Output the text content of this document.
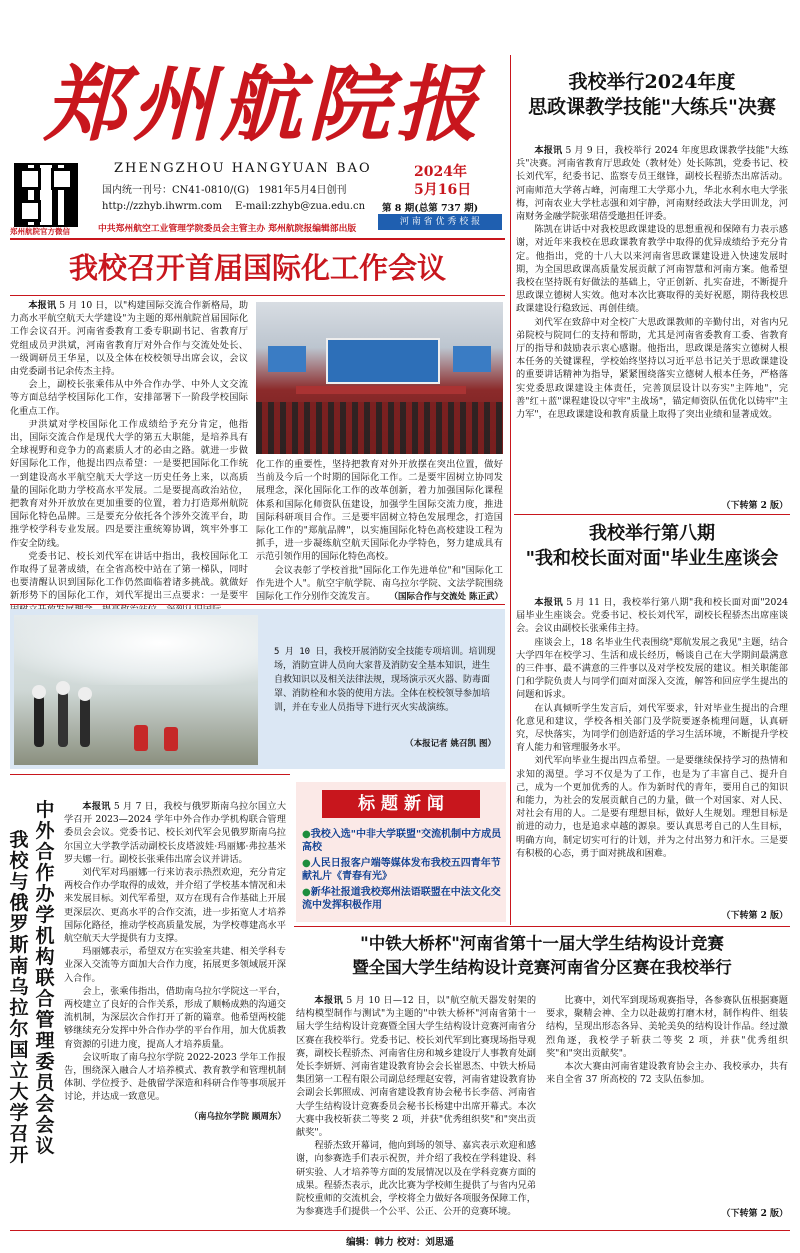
郑州航院报
郑州航院官方微信
ZHENGZHOU HANGYUAN BAO
国内统一刊号：CN41-0810/(G) 1981年5月4日创刊
http://zzhyb.ihwrm.com E-mail:zzhyb@zua.edu.cn
中共郑州航空工业管理学院委员会主管主办 郑州航院报编辑部出版
2024年
5月16日
第 8 期(总第 737 期)
河 南 省 优 秀 校 报
我校召开首届国际化工作会议

本报讯 5 月 10 日，以"构建国际交流合作新格局，助力高水平航空航天大学建设"为主题的郑州航院首届国际化工作会议召开。河南省委教育工委专职副书记、省教育厅党组成员尹洪斌，河南省教育厅对外合作与交流处处长、一级调研员王华星，以及全体在校校领导出席会议，会议由党委副书记余传杰主持。

会上，副校长张乘伟从中外合作办学、中外人文交流等方面总结学校国际化工作，安排部署下一阶段学校国际化重点工作。

尹洪斌对学校国际化工作成绩给予充分肯定，他指出，国际交流合作是现代大学的第五大职能，是培养具有全球视野和竞争力的高素质人才的必由之路。就进一步做好国际化工作，他提出四点希望：一是要把国际化工作统一到建设高水平航空航天大学这一历史任务上来，以高质量的国际化助力学校高水平发展。二是要提高政治站位，把教育对外开放放在更加重要的位置，着力打造郑州航院国际化特色品牌。三是要充分依托各个涉外交流平台，助推学校学科专业发展。四是要注重统筹协调，筑牢外事工作安全防线。

党委书记、校长刘代军在讲话中指出，我校国际化工作取得了显著成绩，在全省高校中站在了第一梯队，同时也要清醒认识到国际化工作仍然面临着诸多挑战。就做好新形势下的国际化工作，刘代军提出三点要求：一是要牢

化工作的重要性，坚持把教育对外开放摆在突出位置，做好当前及今后一个时期的国际化工作。二是要牢固树立协同发展理念，深化国际化工作的改革创新，着力加强国际化课程体系和国际化师资队伍建设，加强学生国际交流力度，推进国际科研项目合作。三是要牢固树立特色发展理念，打造国际化工作的"郑航品牌"，以实施国际化特色高校建设工程为抓手，进一步凝练航空航天国际化办学特色，努力建成具有示范引领作用的国际化特色高校。

会议表彰了学校首批"国际化工作先进单位"和"国际化工作先进个人"。航空宇航学院、南乌拉尔学院、文法学院围绕国际化工作分别作交流发言。	（国际合作与交流处 陈正武）
5 月 10 日，我校开展消防安全技能专项培训。培训现场，消防宣讲人员向大家普及消防安全基本知识，进生自救知识以及相关法律法规，现场演示灭火器、防毒面罩、消防栓和水袋的使用方法。全体在校校领导参加培训，并在专业人员指导下进行灭火实战演练。
（本报记者 姚召凯 图）
中外合作办学机构联合管理委员会会议
我校与俄罗斯南乌拉尔国立大学召开

本报讯 5 月 7 日，我校与俄罗斯南乌拉尔国立大学召开 2023—2024 学年中外合作办学机构联合管理委员会会议。党委书记、校长刘代军会见俄罗斯南乌拉尔国立大学教学活动副校长皮塔波娃·玛丽娜·弗拉基米罗夫娜一行。副校长张乘伟出席会议并讲话。

刘代军对玛丽娜一行来访表示热烈欢迎，充分肯定两校合作办学取得的成效，并介绍了学校基本情况和未来发展目标。刘代军希望，双方在现有合作基础上开展更深层次、更高水平的合作交流，进一步拓宽人才培养国际化路径，推动学校高质量发展，为学校尊建高水平航空航天大学提供有力支撑。

玛丽娜表示，希望双方在实验室共建、相关学科专业深入交流等方面加大合作力度，拓展更多领域展开深入合作。

会上，张乘伟指出，借助南乌拉尔学院这一平台，两校建立了良好的合作关系，形成了顺畅成熟的沟通交流机制，为深层次合作打开了新的篇章。他希望两校能够继续充分发挥中外合作办学的平台作用，加大优质教育资源的引进力度，提高人才培养质量。

会议听取了南乌拉尔学院 2022-2023 学年工作报告，围绕深入融合人才培养模式、教育教学和管理机制体制、学位授予、赴俄留学深造和科研合作等事项展开讨论，并达成一致意见。

（南乌拉尔学院 顾周东）

标 题 新 闻
●我校入选"中非大学联盟"交流机制中方成员高校
●人民日报客户端等媒体发布我校五四青年节献礼片《青春有光》
●新华社报道我校郑州法语联盟在中法文化交流中发挥积极作用
我校举行2024年度
思政课教学技能"大练兵"决赛

本报讯 5 月 9 日，我校举行 2024 年度思政课教学技能"大练兵"决赛。河南省教育厅思政处（教材处）处长陈凯，党委书记、校长刘代军，纪委书记、监察专员王继锋，副校长程骄杰出席活动。河南师范大学蒋占峰，河南理工大学郑小九，华北水利水电大学张梅，河南农业大学杜志强和刘宇静，河南财经政法大学田训龙，河南财务金融学院张珺蓓受邀担任评委。

陈凯在讲话中对我校思政课建设的思想重视和保障有力表示感谢，对近年来我校在思政课教育教学中取得的优异成绩给予充分肯定。他指出，党的十八大以来河南省思政课建设进入快速发展时期，为全国思政课高质量发展贡献了河南智慧和河南方案。他希望我校在坚持既有好做法的基础上，守正创新、扎实奋进，不断提升思政课立德树人实效。他对本次比赛取得的美好祝愿，期待我校思政课建设行稳致远、再创佳绩。

刘代军在致辞中对全校广大思政课教师的辛勤付出，对省内兄弟院校与院同仁的支持和帮助，尤其是河南省委教育工委、省教育厅的指导和鼓励表示衷心感谢。他指出，思政课是落实立德树人根本任务的关键课程，学校始终坚持以习近平总书记关于思政课建设的重要讲话精神为指导，紧紧围绕落实立德树人根本任务，严格落实党委思政课建设主体责任，完善顶层设计以夯实"主阵地"，完善"红＋蓝"课程建设以守牢"主战场"，锚定师资队伍优化以铸牢"主力军"，在思政课建设和教育质量上取得了突出业绩和显著成效。

（下转第 2 版）
我校举行第八期
"我和校长面对面"毕业生座谈会

本报讯 5 月 11 日，我校举行第八期"我和校长面对面"2024 届毕业生座谈会。党委书记、校长刘代军，副校长程骄杰出席座谈会。会议由副校长张乘伟主持。

座谈会上，18 名毕业生代表围绕"郑航发展之我见"主题，结合大学四年在校学习、生活和成长经历，畅谈自己在大学期间最满意的三件事、最不满意的三件事以及对学校发展的建议。相关职能部门和学院负责人与同学们面对面深入交流，解答和回应学生提出的问题和诉求。

在认真倾听学生发言后，刘代军要求，针对毕业生提出的合理化意见和建议，学校各相关部门及学院要逐条梳理问题，认真研究，尽快落实，为同学们创造舒适的学习生活环境，不断提升学校育人能力和管理服务水平。

刘代军向毕业生提出四点希望。一是要继续保持学习的热情和求知的渴望。学习不仅是为了工作，也是为了丰富自己、提升自己，成为一个更加优秀的人。作为新时代的青年，要用自己的知识和能力，为社会的发展贡献自己的力量，做一个对国家、对人民、对社会有用的人。二是要有理想目标，做好人生规划。理想目标是前进的动力，也是追求卓越的源泉。要认真思考自己的人生目标，明确方向，制定切实可行的计划，并为之付出努力和汗水。三是要有积极的心态，勇于面对挑战和困难。

（下转第 2 版）
"中铁大桥杯"河南省第十一届大学生结构设计竞赛
暨全国大学生结构设计竞赛河南省分区赛在我校举行

本报讯 5 月 10 日—12 日，以"航空航天器发射架的结构模型制作与测试"为主题的"中铁大桥杯"河南省第十一届大学生结构设计竞赛暨全国大学生结构设计竞赛河南省分区赛在我校举行。党委书记、校长刘代军到比赛现场指导观赛，副校长程骄杰、河南省住房和城乡建设厅人事教育处副处长李妍妍、河南省建设教育协会会长崔恩杰、中铁大桥局集团第一工程有限公司副总经理赵安蓉，河南省建设教育协会副会长郭照成、河南省建设教育协会秘书长李蓓、河南省大学生结构设计竞赛委员会秘书长杨建中出席开幕式。本次大赛中我校斩获二等奖 2 项，并获"优秀组织奖"和"突出贡献奖"。

程骄杰致开幕词，他向到场的领导、嘉宾表示欢迎和感谢，向参赛选手们表示祝贺，并介绍了我校在学科建设、科研实验、人才培养等方面的发展情况以及在学科竞赛方面的成果。程骄杰表示，此次比赛为学校师生提供了与省内兄弟院校重师的交流机会，学校将全力做好各项服务保障工作，为参赛选手们提供一个公平、公正、公开的竞赛环境。

比赛中，刘代军到现场观赛指导，各参赛队伍根据赛题要求，聚精会神、全力以赴裁剪打磨木材，制作构件、组装结构，呈现出形态各异、美轮美奂的结构设计作品。经过激烈角逐，我校学子斩获二等奖 2 项，并获"优秀组织奖"和"突出贡献奖"。

本次大赛由河南省建设教育协会主办、我校承办，共有来自全省 37 所高校的 72 支队伍参加。

（下转第 2 版）
编辑：韩力 校对：刘思遥
